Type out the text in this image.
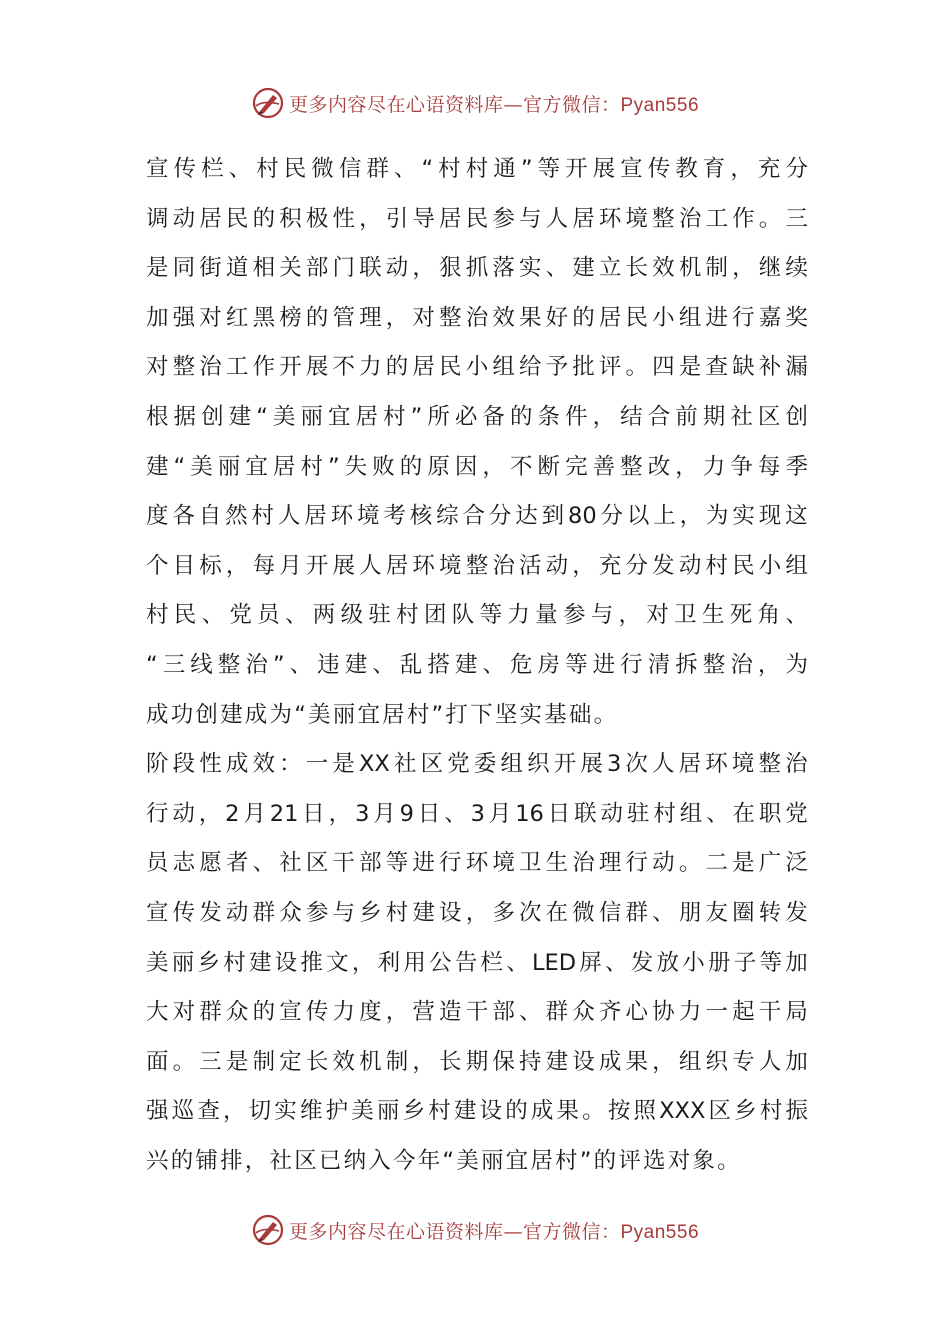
更多内容尽在心语资料库—官方微信：Pyan556
宣 传 栏 、 村 民 微 信 群 、 “ 村 村 通 ” 等 开 展 宣 传 教 育 ， 充 分
调 动 居 民 的 积 极 性 ， 引 导 居 民 参 与 人 居 环 境 整 治 工 作 。 三
是 同 街 道 相 关 部 门 联 动 ， 狠 抓 落 实 、 建 立 长 效 机 制 ， 继 续
加 强 对 红 黑 榜 的 管 理 ， 对 整 治 效 果 好 的 居 民 小 组 进 行 嘉 奖
对 整 治 工 作 开 展 不 力 的 居 民 小 组 给 予 批 评 。 四 是 查 缺 补 漏
根 据 创 建 “ 美 丽 宜 居 村 ” 所 必 备 的 条 件 ， 结 合 前 期 社 区 创
建 “ 美 丽 宜 居 村 ” 失 败 的 原 因 ， 不 断 完 善 整 改 ， 力 争 每 季
度 各 自 然 村 人 居 环 境 考 核 综 合 分 达 到 80 分 以 上 ， 为 实 现 这
个 目 标 ， 每 月 开 展 人 居 环 境 整 治 活 动 ， 充 分 发 动 村 民 小 组
村 民 、 党 员 、 两 级 驻 村 团 队 等 力 量 参 与 ， 对 卫 生 死 角 、
“ 三 线 整 治 ” 、 违 建 、 乱 搭 建 、 危 房 等 进 行 清 拆 整 治 ， 为
成功创建成为“美丽宜居村”打下坚实基础。
阶 段 性 成 效 ： 一 是 XX 社 区 党 委 组 织 开 展 3 次 人 居 环 境 整 治
行 动 ， 2 月 21 日 ， 3 月 9 日 、 3 月 16 日 联 动 驻 村 组 、 在 职 党
员 志 愿 者 、 社 区 干 部 等 进 行 环 境 卫 生 治 理 行 动 。 二 是 广 泛
宣 传 发 动 群 众 参 与 乡 村 建 设 ， 多 次 在 微 信 群 、 朋 友 圈 转 发
美 丽 乡 村 建 设 推 文 ， 利 用 公 告 栏 、 LED 屏 、 发 放 小 册 子 等 加
大 对 群 众 的 宣 传 力 度 ， 营 造 干 部 、 群 众 齐 心 协 力 一 起 干 局
面 。 三 是 制 定 长 效 机 制 ， 长 期 保 持 建 设 成 果 ， 组 织 专 人 加
强 巡 查 ， 切 实 维 护 美 丽 乡 村 建 设 的 成 果 。 按 照 XXX 区 乡 村 振
兴的铺排，社区已纳入今年“美丽宜居村”的评选对象。
更多内容尽在心语资料库—官方微信：Pyan556
